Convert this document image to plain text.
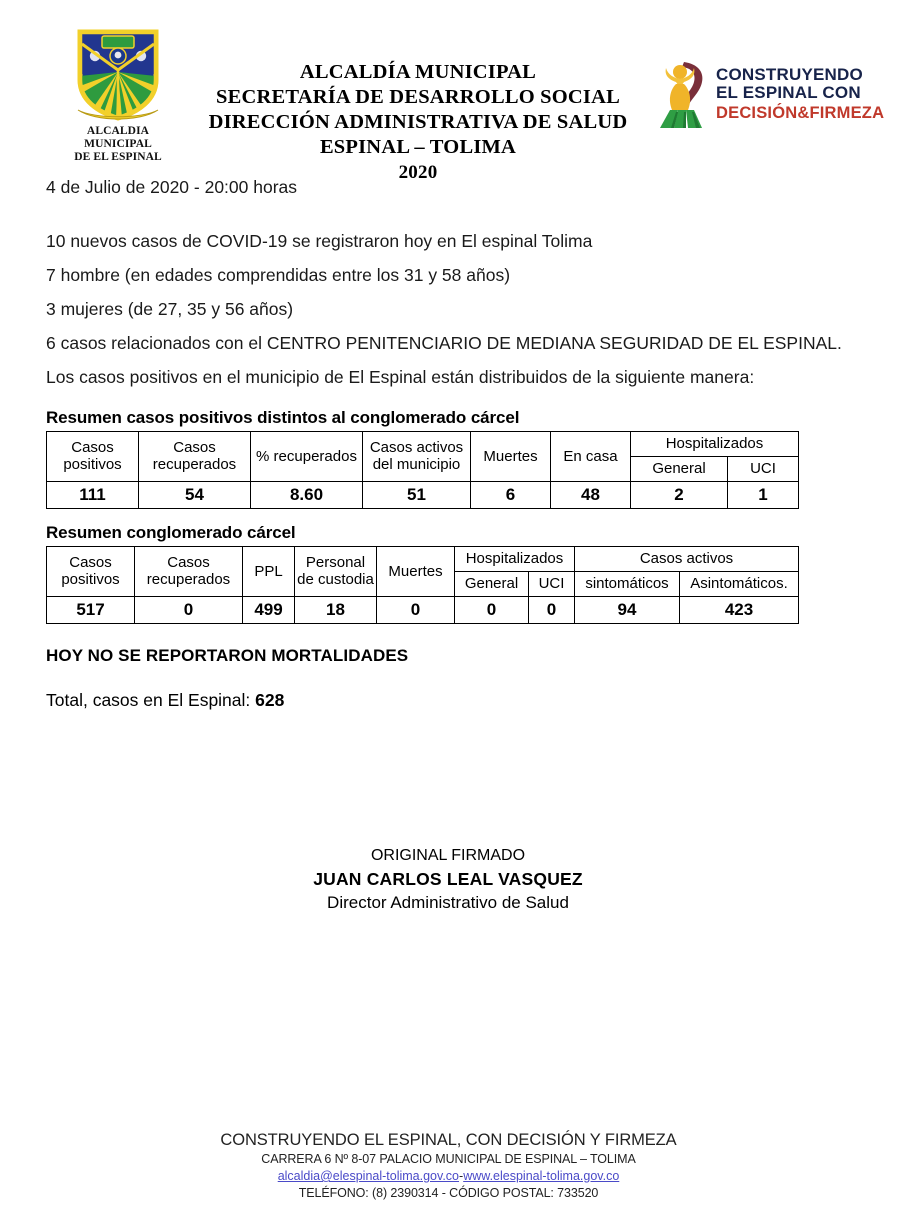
ALCALDIA MUNICIPAL
DE EL ESPINAL
ALCALDÍA MUNICIPAL
SECRETARÍA DE DESARROLLO SOCIAL
DIRECCIÓN ADMINISTRATIVA DE SALUD
ESPINAL – TOLIMA
2020
CONSTRUYENDO
EL ESPINAL CON
DECISIÓN&FIRMEZA

4 de Julio de 2020 - 20:00 horas

10 nuevos casos de COVID-19 se registraron hoy en El espinal Tolima

7 hombre (en edades comprendidas entre los 31 y 58 años)

3 mujeres (de 27, 35 y 56 años)

6 casos relacionados con el CENTRO PENITENCIARIO DE MEDIANA SEGURIDAD DE EL ESPINAL.

Los casos positivos en el municipio de El Espinal están distribuidos de la siguiente manera:

Resumen casos positivos distintos al conglomerado cárcel
Casos positivos	Casos recuperados	% recuperados	Casos activos del municipio	Muertes	En casa	Hospitalizados	
						General	UCI
111	54	8.60	51	6	48	2	1
Resumen conglomerado cárcel
Casos positivos	Casos recuperados	PPL	Personal de custodia	Muertes	Hospitalizados		Casos activos	
					General	UCI	sintomáticos	Asintomáticos.
517	0	499	18	0	0	0	94	423
HOY NO SE REPORTARON MORTALIDADES
Total, casos en El Espinal: 628
ORIGINAL FIRMADO
JUAN CARLOS LEAL VASQUEZ
Director Administrativo de Salud
CONSTRUYENDO EL ESPINAL, CON DECISIÓN Y FIRMEZA
CARRERA 6 Nº 8-07 PALACIO MUNICIPAL DE ESPINAL – TOLIMA
alcaldia@elespinal-tolima.gov.co-www.elespinal-tolima.gov.co
TELÉFONO: (8) 2390314 - CÓDIGO POSTAL: 733520
